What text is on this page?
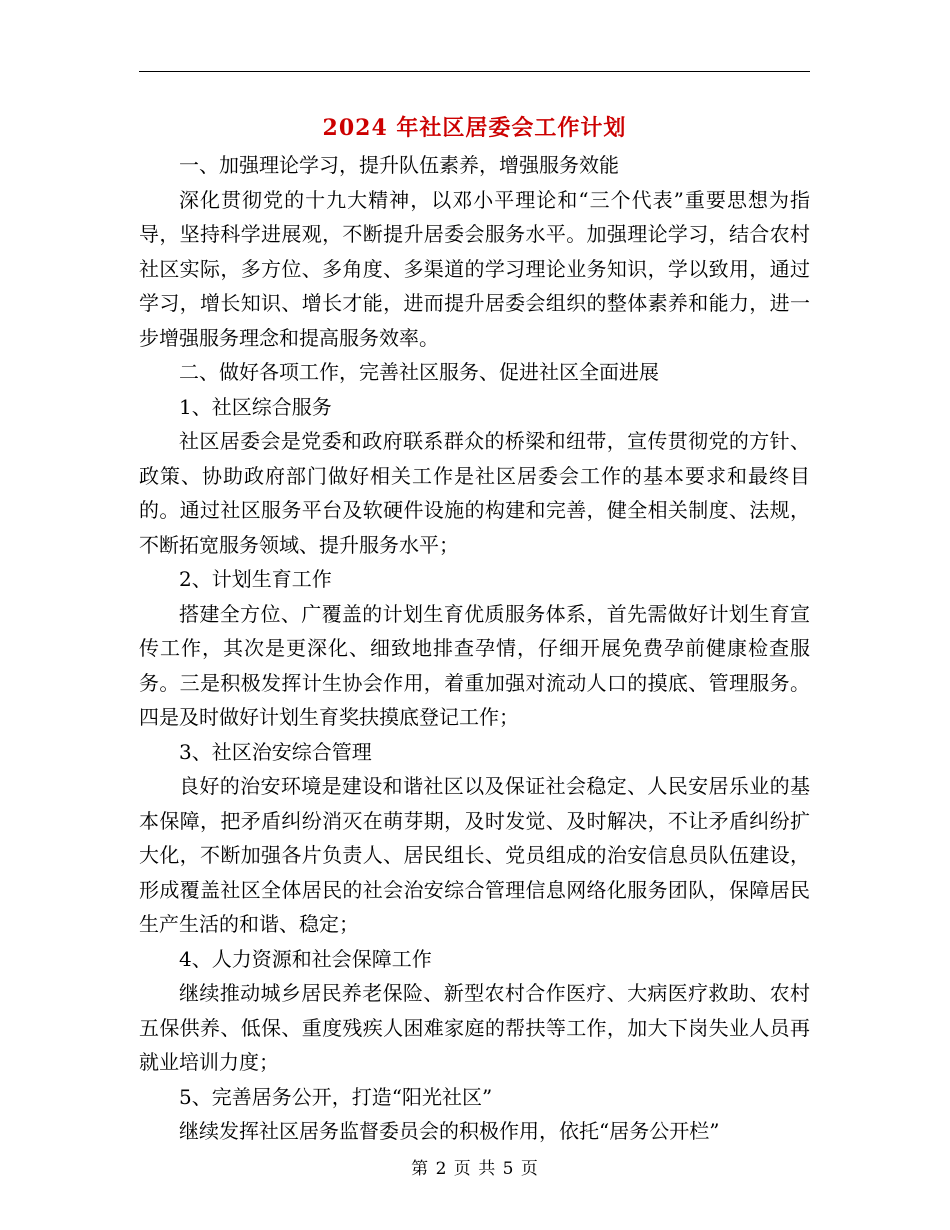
2024 年社区居委会工作计划

一、加强理论学习，提升队伍素养，增强服务效能

深化贯彻党的十九大精神，以邓小平理论和“三个代表”重要思想为指导，坚持科学进展观，不断提升居委会服务水平。加强理论学习，结合农村社区实际，多方位、多角度、多渠道的学习理论业务知识，学以致用，通过学习，增长知识、增长才能，进而提升居委会组织的整体素养和能力，进一步增强服务理念和提高服务效率。

二、做好各项工作，完善社区服务、促进社区全面进展

1、社区综合服务

社区居委会是党委和政府联系群众的桥梁和纽带，宣传贯彻党的方针、政策、协助政府部门做好相关工作是社区居委会工作的基本要求和最终目的。通过社区服务平台及软硬件设施的构建和完善，健全相关制度、法规，不断拓宽服务领域、提升服务水平；

2、计划生育工作

搭建全方位、广覆盖的计划生育优质服务体系，首先需做好计划生育宣传工作，其次是更深化、细致地排查孕情，仔细开展免费孕前健康检查服务。三是积极发挥计生协会作用，着重加强对流动人口的摸底、管理服务。四是及时做好计划生育奖扶摸底登记工作；

3、社区治安综合管理

良好的治安环境是建设和谐社区以及保证社会稳定、人民安居乐业的基本保障，把矛盾纠纷消灭在萌芽期，及时发觉、及时解决，不让矛盾纠纷扩大化，不断加强各片负责人、居民组长、党员组成的治安信息员队伍建设，形成覆盖社区全体居民的社会治安综合管理信息网络化服务团队，保障居民生产生活的和谐、稳定；

4、人力资源和社会保障工作

继续推动城乡居民养老保险、新型农村合作医疗、大病医疗救助、农村五保供养、低保、重度残疾人困难家庭的帮扶等工作，加大下岗失业人员再就业培训力度；

5、完善居务公开，打造“阳光社区”

继续发挥社区居务监督委员会的积极作用，依托“居务公开栏”

第 2 页 共 5 页
